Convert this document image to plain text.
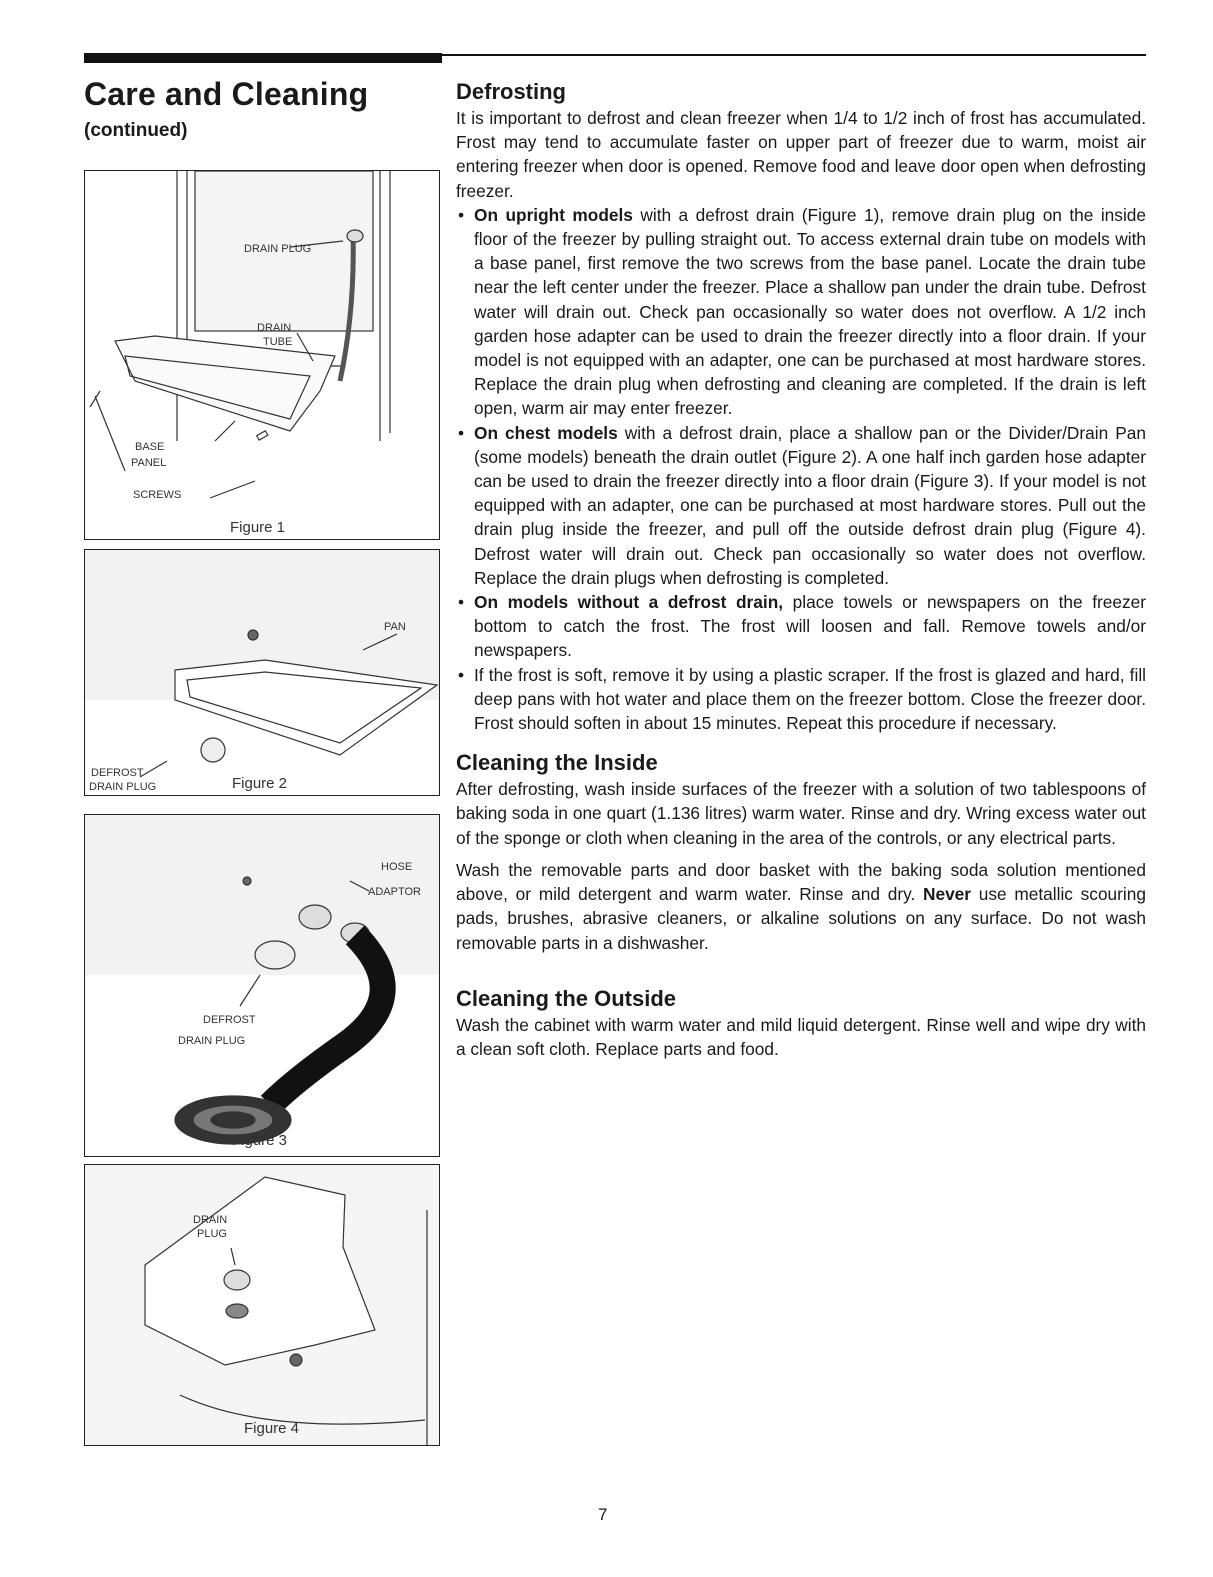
Care and Cleaning
(continued)
DRAIN PLUG
DRAIN
TUBE
BASE
PANEL
SCREWS
Figure 1
PAN
DEFROST
DRAIN PLUG	Figure 2
HOSE
ADAPTOR
DEFROST
DRAIN PLUG
Figure 3
DRAIN
PLUG
Figure 4
Defrosting

It is important to defrost and clean freezer when 1/4 to 1/2 inch of frost has accumulated. Frost may tend to accumulate faster on upper part of freezer due to warm, moist air entering freezer when door is opened. Remove food and leave door open when defrosting freezer.

• On upright models with a defrost drain (Figure 1), remove drain plug on the inside floor of the freezer by pulling straight out. To access external drain tube on models with a base panel, first remove the two screws from the base panel. Locate the drain tube near the left center under the freezer. Place a shallow pan under the drain tube. Defrost water will drain out. Check pan occasionally so water does not overflow. A 1/2 inch garden hose adapter can be used to drain the freezer directly into a floor drain. If your model is not equipped with an adapter, one can be purchased at most hardware stores. Replace the drain plug when defrosting and cleaning are completed. If the drain is left open, warm air may enter freezer.
• On chest models with a defrost drain, place a shallow pan or the Divider/Drain Pan (some models) beneath the drain outlet (Figure 2). A one half inch garden hose adapter can be used to drain the freezer directly into a floor drain (Figure 3). If your model is not equipped with an adapter, one can be purchased at most hardware stores. Pull out the drain plug inside the freezer, and pull off the outside defrost drain plug (Figure 4). Defrost water will drain out. Check pan occasionally so water does not overflow. Replace the drain plugs when defrosting is completed.
• On models without a defrost drain, place towels or newspapers on the freezer bottom to catch the frost. The frost will loosen and fall. Remove towels and/or newspapers.
• If the frost is soft, remove it by using a plastic scraper. If the frost is glazed and hard, fill deep pans with hot water and place them on the freezer bottom. Close the freezer door. Frost should soften in about 15 minutes. Repeat this procedure if necessary.
Cleaning the Inside

After defrosting, wash inside surfaces of the freezer with a solution of two tablespoons of baking soda in one quart (1.136 litres) warm water. Rinse and dry. Wring excess water out of the sponge or cloth when cleaning in the area of the controls, or any electrical parts.

Wash the removable parts and door basket with the baking soda solution mentioned above, or mild detergent and warm water. Rinse and dry. Never use metallic scouring pads, brushes, abrasive cleaners, or alkaline solutions on any surface. Do not wash removable parts in a dishwasher.

Cleaning the Outside

Wash the cabinet with warm water and mild liquid detergent. Rinse well and wipe dry with a clean soft cloth. Replace parts and food.

7
